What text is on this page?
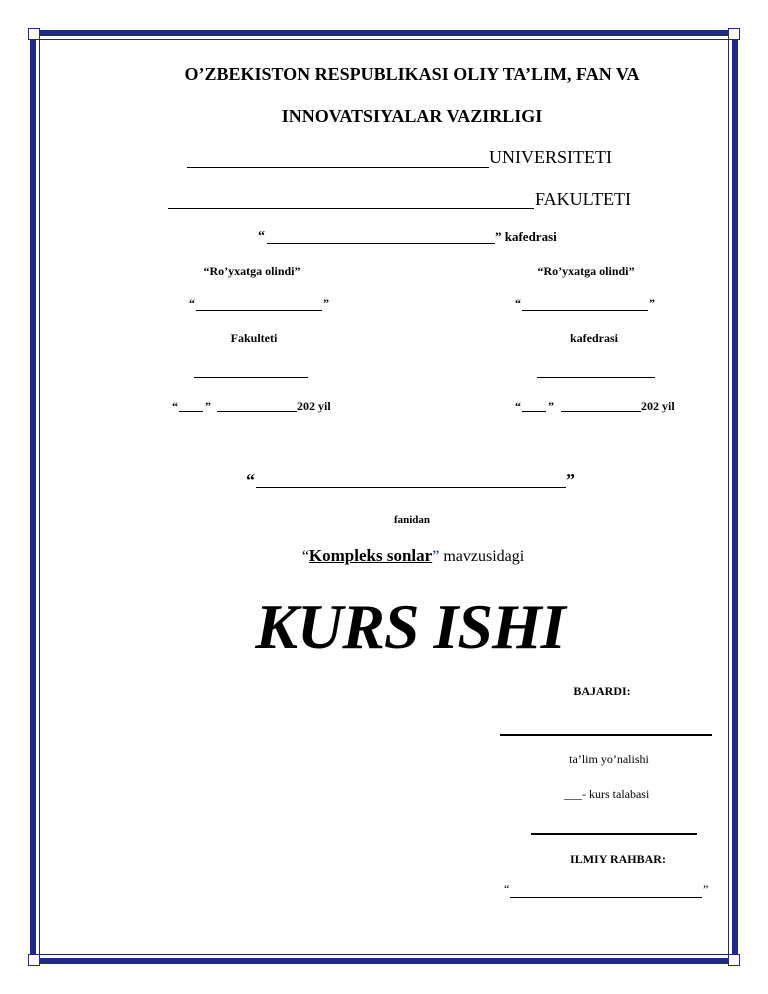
O’ZBEKISTON RESPUBLIKASI OLIY TA’LIM, FAN VA
INNOVATSIYALAR VAZIRLIGI
UNIVERSITETI
FAKULTETI
“	” kafedrasi
“Ro’yxatga olindi”
“	”
Fakulteti
“ ”	202 yil
“Ro’yxatga olindi”
“	”
kafedrasi
“ ”	202 yil
“	”
fanidan
“Kompleks sonlar” mavzusidagi
KURS ISHI
BAJARDI:
ta’lim yo’nalishi
___- kurs talabasi
ILMIY RAHBAR:
“	”
